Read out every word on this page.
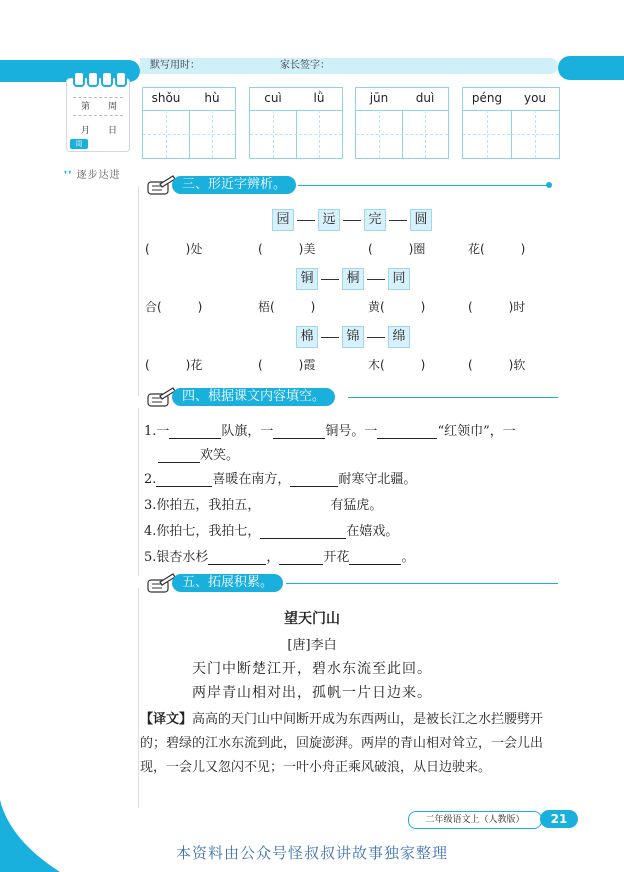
默写用时：	家长签字：
第　　周
月　　日
周
❜❜ 逐步达进
shǒu	hù	cuì	lǜ	jūn	duì	péng	you
三、形近字辨析。
园	远	完	圆
(　　　)处	(　　　)美	(　　　)圈	花(　　　)
铜	桐	同
合(　　　)	梧(　　　)	黄(　　　)	(　　　)时
棉	锦	绵
(　　　)花	(　　　)霞	木(　　　)	(　　　)软
四、根据课文内容填空。
1.一	队旗，一	铜号。一	“红领巾”，一
欢笑。
2.	喜暖在南方，	耐寒守北疆。
3.你拍五，我拍五，	有猛虎。
4.你拍七，我拍七，	在嬉戏。
5.银杏水杉	，	开花	。
五、拓展积累。
望天门山
[唐]李白
天门中断楚江开，碧水东流至此回。
两岸青山相对出，孤帆一片日边来。
【译文】高高的天门山中间断开成为东西两山，是被长江之水拦腰劈开的；碧绿的江水东流到此，回旋澎湃。两岸的青山相对耸立，一会儿出现，一会儿又忽闪不见；一叶小舟正乘风破浪，从日边驶来。
二年级语文上（人教版）	21
本资料由公众号怪叔叔讲故事独家整理
